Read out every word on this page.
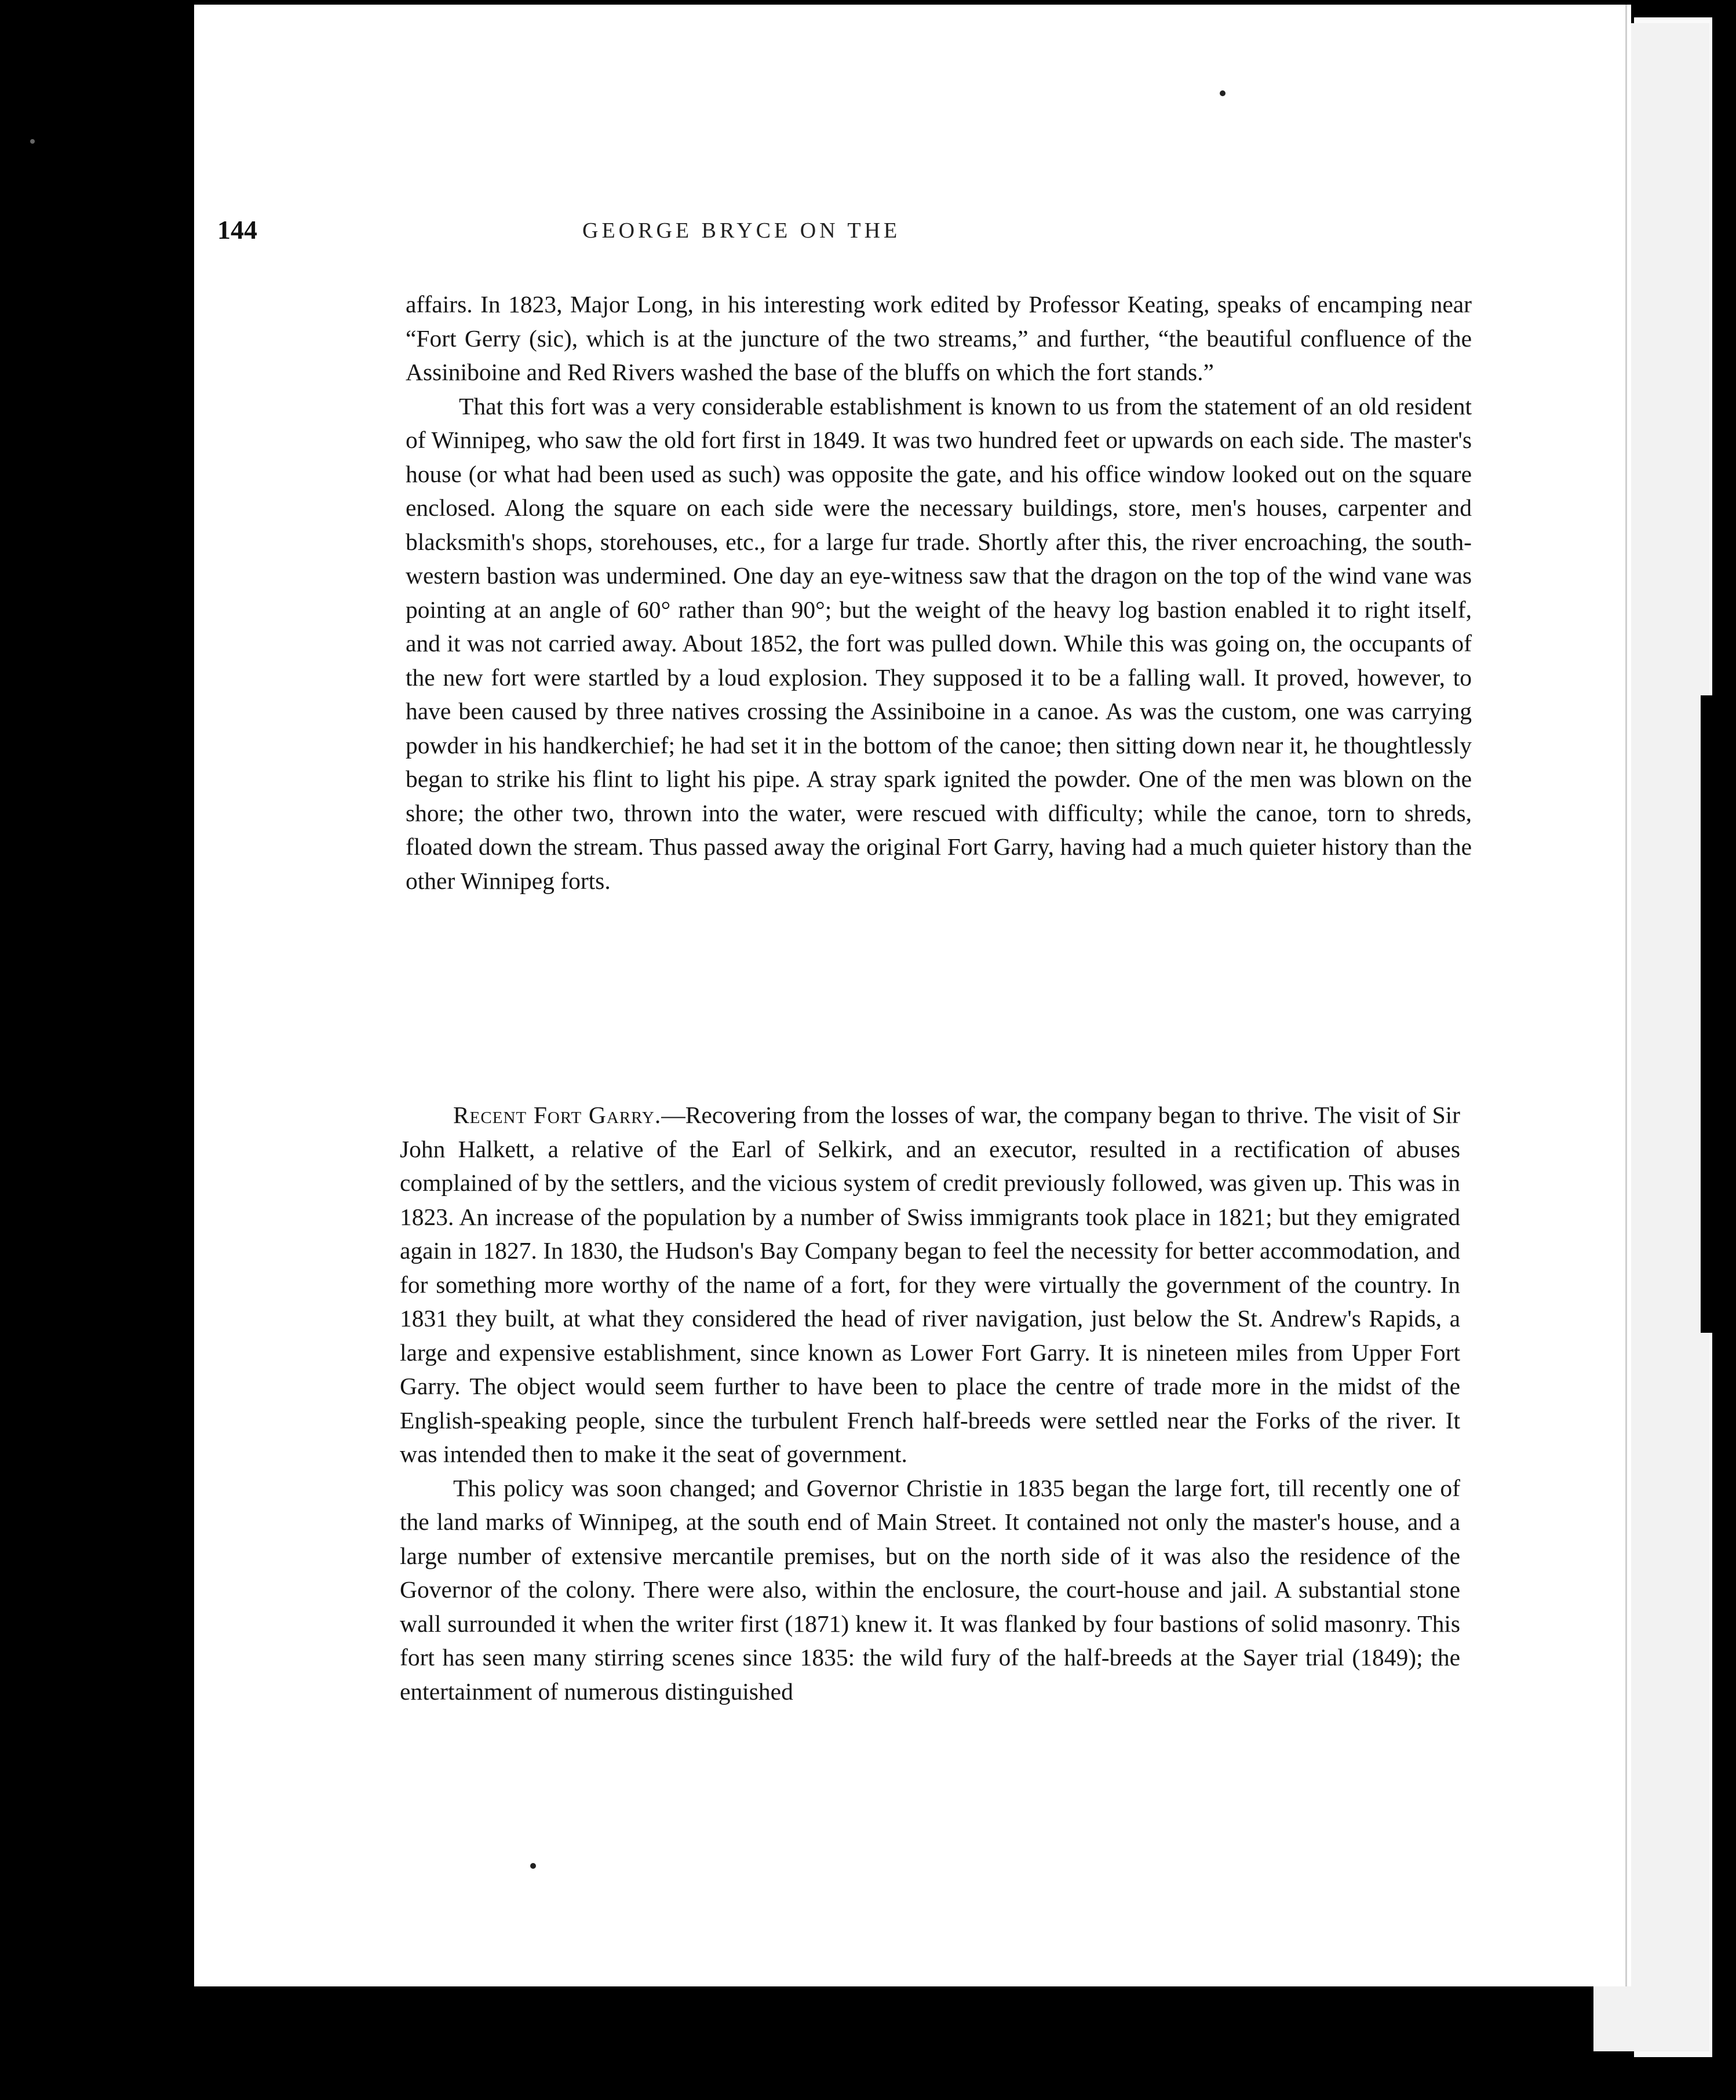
144	GEORGE BRYCE ON THE

affairs. In 1823, Major Long, in his interesting work edited by Professor Keating, speaks of encamping near “Fort Gerry (sic), which is at the juncture of the two streams,” and further, “the beautiful confluence of the Assiniboine and Red Rivers washed the base of the bluffs on which the fort stands.”

That this fort was a very considerable establishment is known to us from the statement of an old resident of Winnipeg, who saw the old fort first in 1849. It was two hundred feet or upwards on each side. The master's house (or what had been used as such) was opposite the gate, and his office window looked out on the square enclosed. Along the square on each side were the necessary buildings, store, men's houses, carpenter and blacksmith's shops, storehouses, etc., for a large fur trade. Shortly after this, the river encroaching, the south-western bastion was undermined. One day an eye-witness saw that the dragon on the top of the wind vane was pointing at an angle of 60° rather than 90°; but the weight of the heavy log bastion enabled it to right itself, and it was not carried away. About 1852, the fort was pulled down. While this was going on, the occupants of the new fort were startled by a loud explosion. They supposed it to be a falling wall. It proved, however, to have been caused by three natives crossing the Assiniboine in a canoe. As was the custom, one was carrying powder in his handkerchief; he had set it in the bottom of the canoe; then sitting down near it, he thoughtlessly began to strike his flint to light his pipe. A stray spark ignited the powder. One of the men was blown on the shore; the other two, thrown into the water, were rescued with difficulty; while the canoe, torn to shreds, floated down the stream. Thus passed away the original Fort Garry, having had a much quieter history than the other Winnipeg forts.

Recent Fort Garry.—Recovering from the losses of war, the company began to thrive. The visit of Sir John Halkett, a relative of the Earl of Selkirk, and an executor, resulted in a rectification of abuses complained of by the settlers, and the vicious system of credit previously followed, was given up. This was in 1823. An increase of the population by a number of Swiss immigrants took place in 1821; but they emigrated again in 1827. In 1830, the Hudson's Bay Company began to feel the necessity for better accommodation, and for something more worthy of the name of a fort, for they were virtually the government of the country. In 1831 they built, at what they considered the head of river navigation, just below the St. Andrew's Rapids, a large and expensive establishment, since known as Lower Fort Garry. It is nineteen miles from Upper Fort Garry. The object would seem further to have been to place the centre of trade more in the midst of the English-speaking people, since the turbulent French half-breeds were settled near the Forks of the river. It was intended then to make it the seat of government.

This policy was soon changed; and Governor Christie in 1835 began the large fort, till recently one of the land marks of Winnipeg, at the south end of Main Street. It contained not only the master's house, and a large number of extensive mercantile premises, but on the north side of it was also the residence of the Governor of the colony. There were also, within the enclosure, the court-house and jail. A substantial stone wall surrounded it when the writer first (1871) knew it. It was flanked by four bastions of solid masonry. This fort has seen many stirring scenes since 1835: the wild fury of the half-breeds at the Sayer trial (1849); the entertainment of numerous distinguished
